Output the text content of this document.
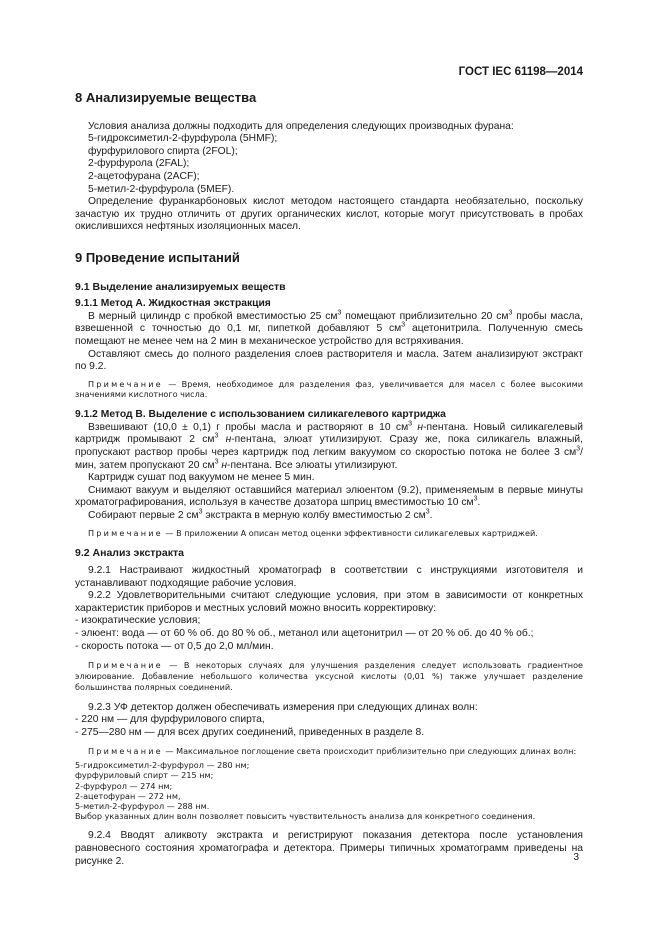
ГОСТ IEC 61198—2014
8 Анализируемые вещества

Условия анализа должны подходить для определения следующих производных фурана:

5-гидроксиметил-2-фурфурола (5HMF);

фурфурилового спирта (2FOL);

2-фурфурола (2FAL);

2-ацетофурана (2ACF);

5-метил-2-фурфурола (5MEF).

Определение фуранкарбоновых кислот методом настоящего стандарта необязательно, поскольку зачастую их трудно отличить от других органических кислот, которые могут присутствовать в пробах окислившихся нефтяных изоляционных масел.

9 Проведение испытаний
9.1 Выделение анализируемых веществ
9.1.1 Метод А. Жидкостная экстракция

В мерный цилиндр с пробкой вместимостью 25 $см^3$ помещают приблизительно 20 $см^3$ пробы масла, взвешенной с точностью до 0,1 мг, пипеткой добавляют 5 $см^3$ ацетонитрила. Полученную смесь помещают не менее чем на 2 мин в механическое устройство для встряхивания.

Оставляют смесь до полного разделения слоев растворителя и масла. Затем анализируют экстракт по 9.2.

Примечание — Время, необходимое для разделения фаз, увеличивается для масел с более высокими значениями кислотного числа.

9.1.2 Метод В. Выделение с использованием силикагелевого картриджа

Взвешивают (10,0 ± 0,1) г пробы масла и растворяют в 10 $см^3$ н-пентана. Новый силикагелевый картридж промывают 2 $см^3$ н-пентана, элюат утилизируют. Сразу же, пока силикагель влажный, пропускают раствор пробы через картридж под легким вакуумом со скоростью потока не более 3 $см^3$/мин, затем пропускают 20 $см^3$ н-пентана. Все элюаты утилизируют.

Картридж сушат под вакуумом не менее 5 мин.

Снимают вакуум и выделяют оставшийся материал элюентом (9.2), применяемым в первые минуты хроматографирования, используя в качестве дозатора шприц вместимостью 10 $см^3$.

Собирают первые 2 $см^3$ экстракта в мерную колбу вместимостью 2 $см^3$.

Примечание — В приложении А описан метод оценки эффективности силикагелевых картриджей.

9.2 Анализ экстракта

9.2.1 Настраивают жидкостный хроматограф в соответствии с инструкциями изготовителя и устанавливают подходящие рабочие условия.

9.2.2 Удовлетворительными считают следующие условия, при этом в зависимости от конкретных характеристик приборов и местных условий можно вносить корректировку:

- изократические условия;

- элюент: вода — от 60 % об. до 80 % об., метанол или ацетонитрил — от 20 % об. до 40 % об.;

- скорость потока — от 0,5 до 2,0 мл/мин.

Примечание — В некоторых случаях для улучшения разделения следует использовать градиентное элюирование. Добавление небольшого количества уксусной кислоты (0,01 %) также улучшает разделение большинства полярных соединений.

9.2.3 УФ детектор должен обеспечивать измерения при следующих длинах волн:

- 220 нм — для фурфурилового спирта,

- 275—280 нм — для всех других соединений, приведенных в разделе 8.

Примечание — Максимальное поглощение света происходит приблизительно при следующих длинах волн:

5-гидроксиметил-2-фурфурол — 280 нм;

фурфуриловый спирт — 215 нм;

2-фурфурол — 274 нм;

2-ацетофуран — 272 нм,

5-метил-2-фурфурол — 288 нм.

Выбор указанных длин волн позволяет повысить чувствительность анализа для конкретного соединения.

9.2.4 Вводят аликвоту экстракта и регистрируют показания детектора после установления равновесного состояния хроматографа и детектора. Примеры типичных хроматограмм приведены на рисунке 2.	3
